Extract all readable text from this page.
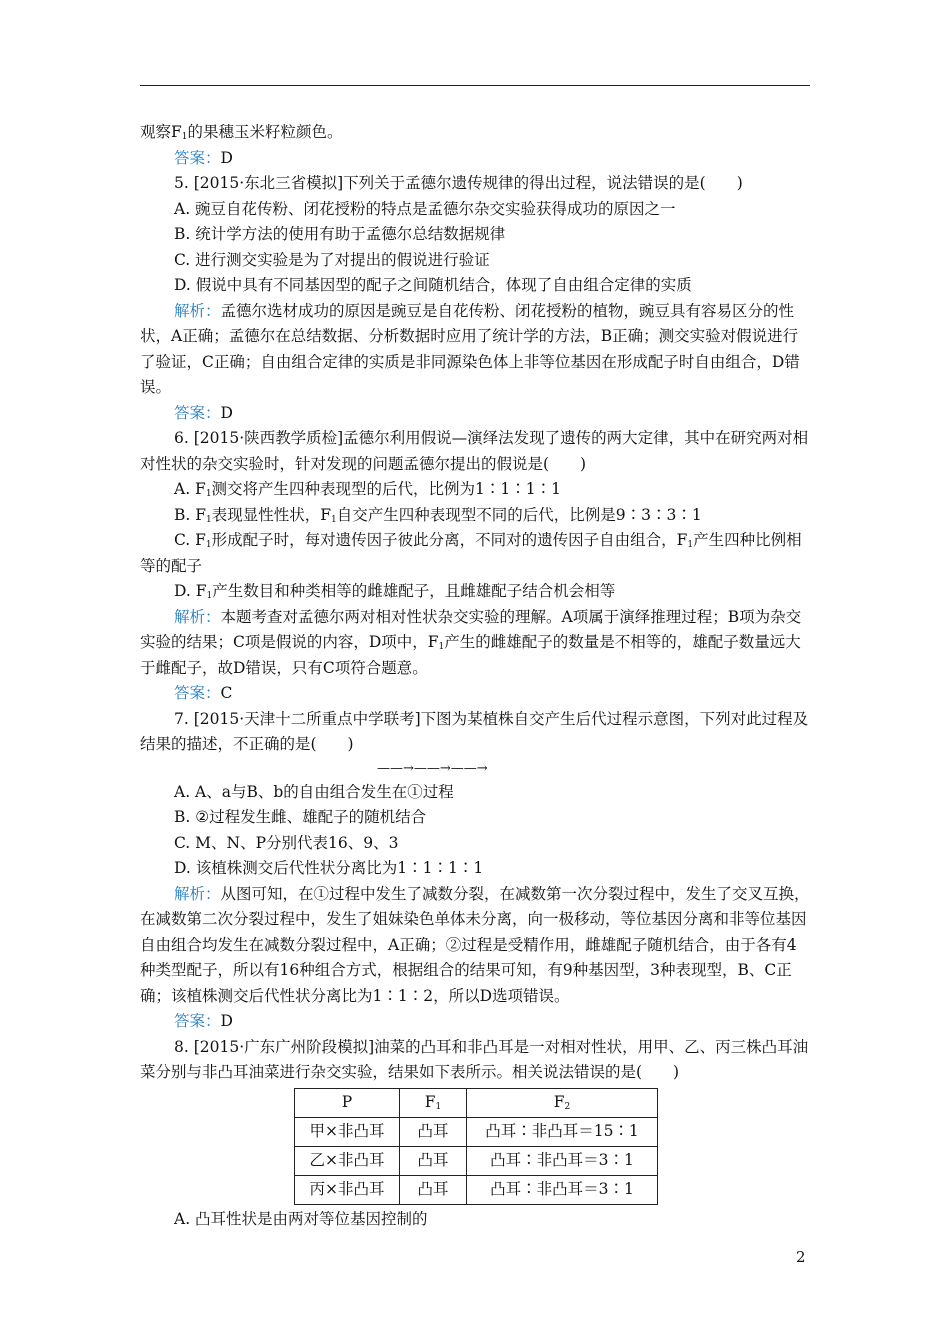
观察$F_1$的果穗玉米籽粒颜色。

答案：D

5. [2015·东北三省模拟]下列关于孟德尔遗传规律的得出过程，说法错误的是(　　)

A. 豌豆自花传粉、闭花授粉的特点是孟德尔杂交实验获得成功的原因之一

B. 统计学方法的使用有助于孟德尔总结数据规律

C. 进行测交实验是为了对提出的假说进行验证

D. 假说中具有不同基因型的配子之间随机结合，体现了自由组合定律的实质

解析：孟德尔选材成功的原因是豌豆是自花传粉、闭花授粉的植物，豌豆具有容易区分的性状，A正确；孟德尔在总结数据、分析数据时应用了统计学的方法，B正确；测交实验对假说进行了验证，C正确；自由组合定律的实质是非同源染色体上非等位基因在形成配子时自由组合，D错误。

答案：D

6. [2015·陕西教学质检]孟德尔利用假说—演绎法发现了遗传的两大定律，其中在研究两对相对性状的杂交实验时，针对发现的问题孟德尔提出的假说是(　　)

A. $F_1$测交将产生四种表现型的后代，比例为1∶1∶1∶1

B. $F_1$表现显性性状，$F_1$自交产生四种表现型不同的后代，比例是9∶3∶3∶1

C. $F_1$形成配子时，每对遗传因子彼此分离，不同对的遗传因子自由组合，$F_1$产生四种比例相等的配子

D. $F_1$产生数目和种类相等的雌雄配子，且雌雄配子结合机会相等

解析：本题考查对孟德尔两对相对性状杂交实验的理解。A项属于演绎推理过程；B项为杂交实验的结果；C项是假说的内容，D项中，$F_1$产生的雌雄配子的数量是不相等的，雄配子数量远大于雌配子，故D错误，只有C项符合题意。

答案：C

7. [2015·天津十二所重点中学联考]下图为某植株自交产生后代过程示意图，下列对此过程及结果的描述，不正确的是(　　)

——→——→——→

A. A、a与B、b的自由组合发生在①过程

B. ②过程发生雌、雄配子的随机结合

C. M、N、P分别代表16、9、3

D. 该植株测交后代性状分离比为1∶1∶1∶1

解析：从图可知，在①过程中发生了减数分裂，在减数第一次分裂过程中，发生了交叉互换，在减数第二次分裂过程中，发生了姐妹染色单体未分离，向一极移动，等位基因分离和非等位基因自由组合均发生在减数分裂过程中，A正确；②过程是受精作用，雌雄配子随机结合，由于各有4种类型配子，所以有16种组合方式，根据组合的结果可知，有9种基因型，3种表现型，B、C正确；该植株测交后代性状分离比为1∶1∶2，所以D选项错误。

答案：D

8. [2015·广东广州阶段模拟]油菜的凸耳和非凸耳是一对相对性状，用甲、乙、丙三株凸耳油菜分别与非凸耳油菜进行杂交实验，结果如下表所示。相关说法错误的是(　　)

P	$F_1$	$F_2$
甲×非凸耳	凸耳	凸耳∶非凸耳＝15∶1
乙×非凸耳	凸耳	凸耳∶非凸耳＝3∶1
丙×非凸耳	凸耳	凸耳∶非凸耳＝3∶1

A. 凸耳性状是由两对等位基因控制的

2
